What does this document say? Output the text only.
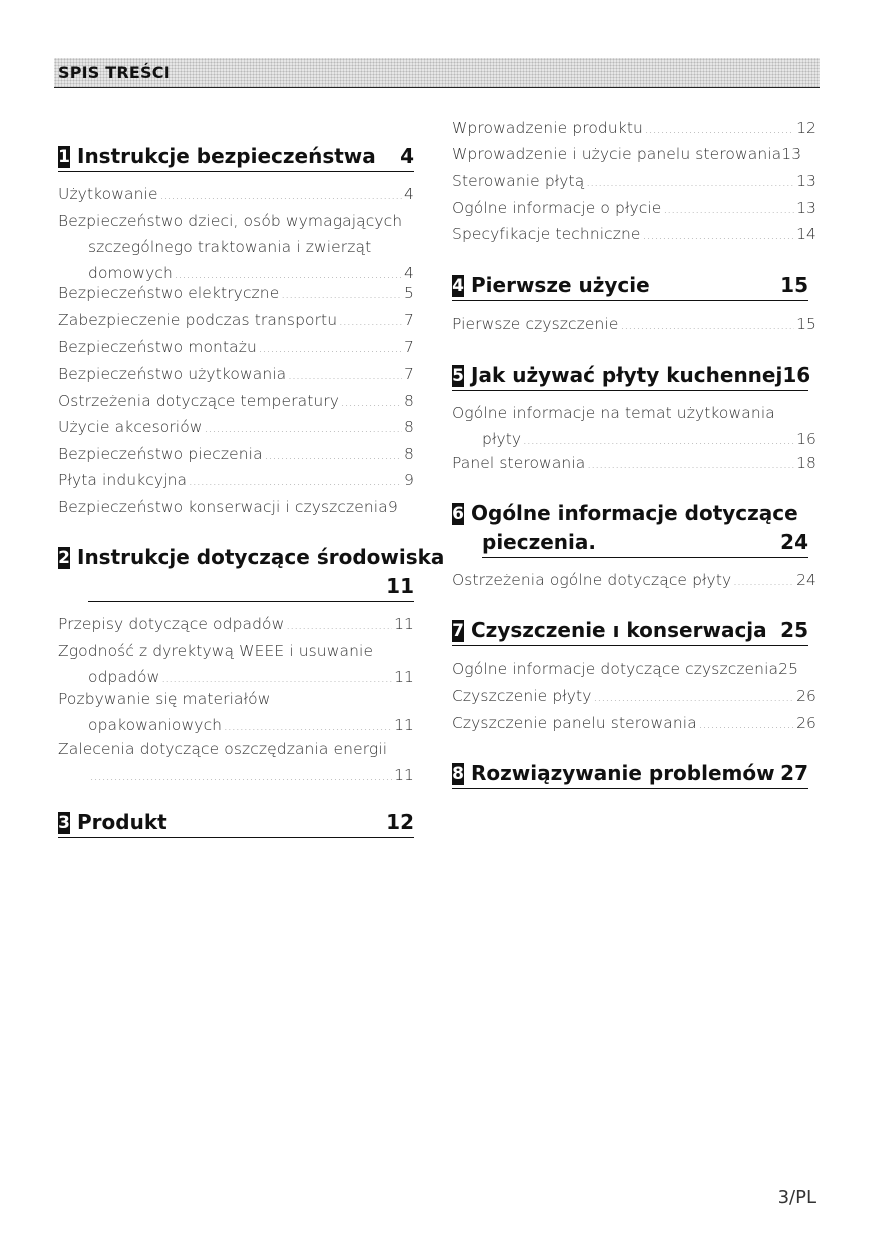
SPIS TREŚCI
1 Instrukcje bezpieczeństwa	4
Użytkowanie .....	4
Bezpieczeństwo dzieci, osób wymagających
szczególnego traktowania i zwierząt
domowych .....	4
Bezpieczeństwo elektryczne .....	5
Zabezpieczenie podczas transportu .....	7
Bezpieczeństwo montażu .....	7
Bezpieczeństwo użytkowania .....	7
Ostrzeżenia dotyczące temperatury .....	8
Użycie akcesoriów .....	8
Bezpieczeństwo pieczenia .....	8
Płyta indukcyjna .....	9
Bezpieczeństwo konserwacji i czyszczenia 9
2 Instrukcje dotyczące środowiska
11
Przepisy dotyczące odpadów .....	11
Zgodność z dyrektywą WEEE i usuwanie
odpadów .....	11
Pozbywanie się materiałów
opakowaniowych .....	11
Zalecenia dotyczące oszczędzania energii
.....
11
3 Produkt	12
Wprowadzenie produktu .....	12
Wprowadzenie i użycie panelu sterowania 13
Sterowanie płytą .....	13
Ogólne informacje o płycie .....	13
Specyfikacje techniczne .....	14
4 Pierwsze użycie	15
Pierwsze czyszczenie .....	15
5 Jak używać płyty kuchennej 16
Ogólne informacje na temat użytkowania
płyty .....	16
Panel sterowania .....	18
6 Ogólne informacje dotyczące
pieczenia.	24
Ostrzeżenia ogólne dotyczące płyty .....	24
7 Czyszczenie ı konserwacja 25
Ogólne informacje dotyczące czyszczenia 25
Czyszczenie płyty .....	26
Czyszczenie panelu sterowania .....	26
8 Rozwiązywanie problemów 27
3/PL
